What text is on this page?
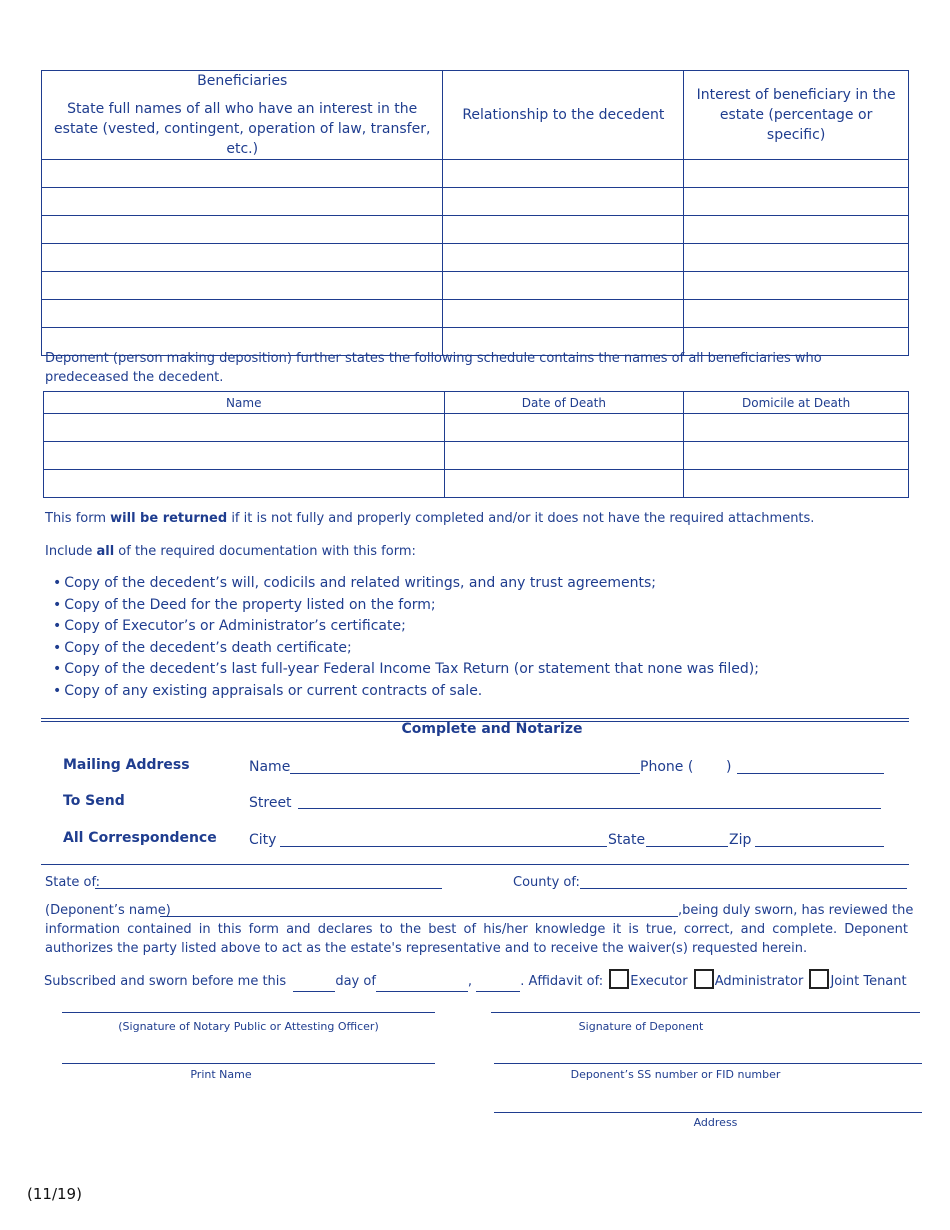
Beneficiaries
State full names of all who have an interest in the estate (vested, contingent, operation of law, transfer, etc.)	Relationship to the decedent	Interest of beneficiary in the estate (percentage or specific)

Deponent (person making deposition) further states the following schedule contains the names of all beneficiaries who predeceased the decedent.
Name	Date of Death	Domicile at Death

This form will be returned if it is not fully and properly completed and/or it does not have the required attachments.
Include all of the required documentation with this form:
• Copy of the decedent’s will, codicils and related writings, and any trust agreements;
• Copy of the Deed for the property listed on the form;
• Copy of Executor’s or Administrator’s certificate;
• Copy of the decedent’s death certificate;
• Copy of the decedent’s last full-year Federal Income Tax Return (or statement that none was filed);
• Copy of any existing appraisals or current contracts of sale.
Complete and Notarize
Mailing Address
To Send
All Correspondence
Name	Phone ( )
Street
City	State	Zip
State of:	County of:
(Deponent’s name)	,being duly sworn, has reviewed the
information contained in this form and declares to the best of his/her knowledge it is true, correct, and complete. Deponent authorizes the party listed above to act as the estate's representative and to receive the waiver(s) requested herein.
Subscribed and sworn before me this	day of	,	. Affidavit of: Executor Administrator Joint Tenant
(Signature of Notary Public or Attesting Officer)	Signature of Deponent
Print Name	Deponent’s SS number or FID number
Address
(11/19)
